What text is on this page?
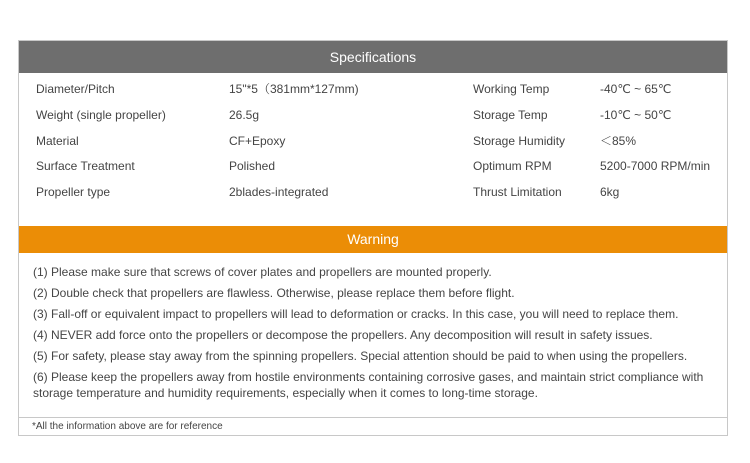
Specifications
Diameter/Pitch	15"*5（381mm*127mm)	Working Temp	-40℃ ~ 65℃
Weight (single propeller)	26.5g	Storage Temp	-10℃ ~ 50℃
Material	CF+Epoxy	Storage Humidity	＜85%
Surface Treatment	Polished	Optimum RPM	5200-7000 RPM/min
Propeller type	2blades-integrated	Thrust Limitation	6kg
Warning
(1) Please make sure that screws of cover plates and propellers are mounted properly.
(2) Double check that propellers are flawless. Otherwise, please replace them before flight.
(3) Fall-off or equivalent impact to propellers will lead to deformation or cracks. In this case, you will need to replace them.
(4) NEVER add force onto the propellers or decompose the propellers. Any decomposition will result in safety issues.
(5) For safety, please stay away from the spinning propellers. Special attention should be paid to when using the propellers.
(6) Please keep the propellers away from hostile environments containing corrosive gases, and maintain strict compliance with storage temperature and humidity requirements, especially when it comes to long-time storage.
*All the information above are for reference
